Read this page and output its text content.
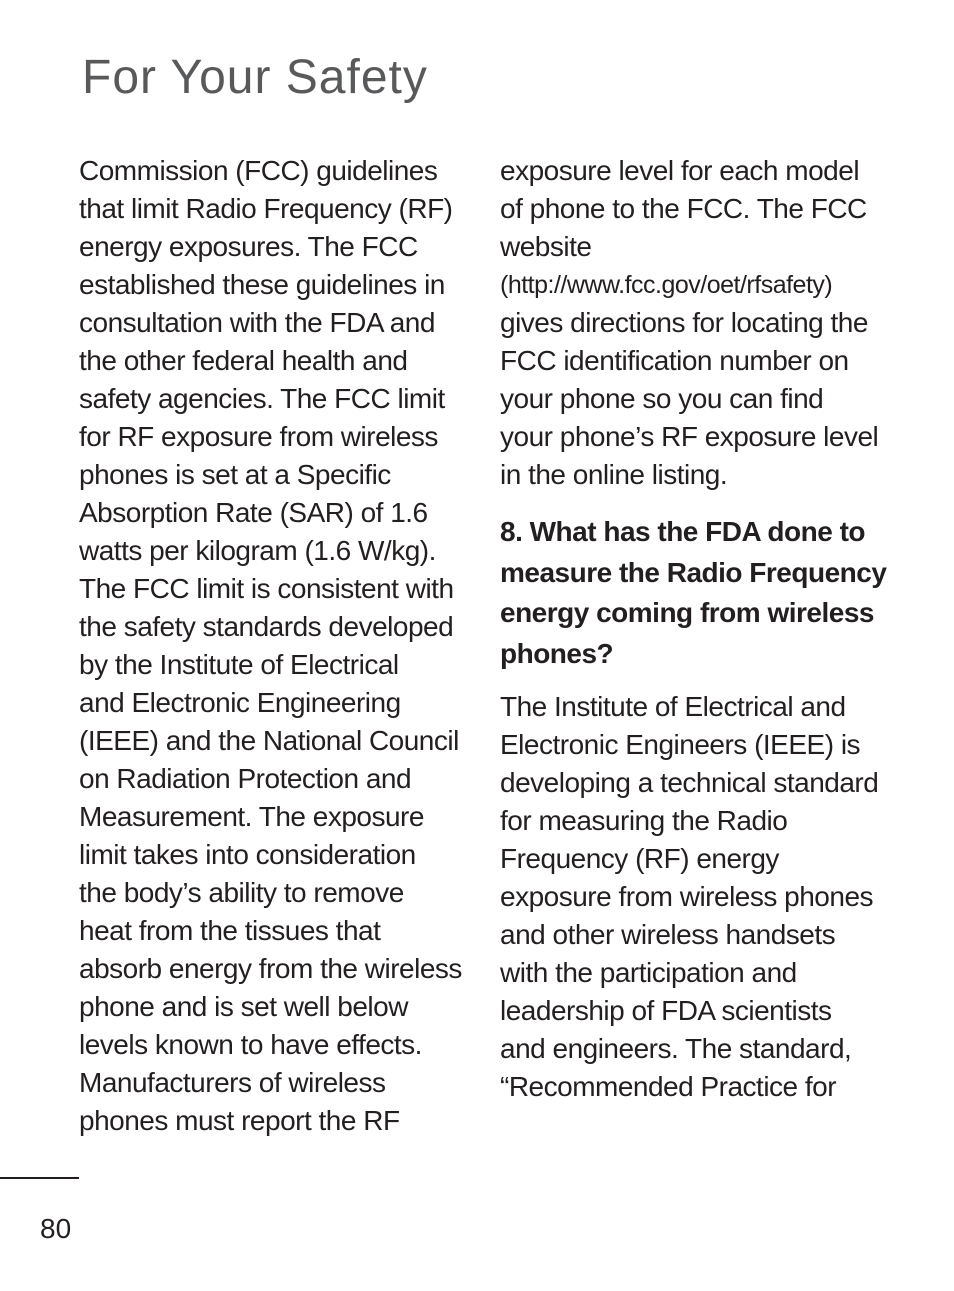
For Your Safety
Commission (FCC) guidelines
that limit Radio Frequency (RF)
energy exposures. The FCC
established these guidelines in
consultation with the FDA and
the other federal health and
safety agencies. The FCC limit
for RF exposure from wireless
phones is set at a Specific
Absorption Rate (SAR) of 1.6
watts per kilogram (1.6 W/kg).
The FCC limit is consistent with
the safety standards developed
by the Institute of Electrical
and Electronic Engineering
(IEEE) and the National Council
on Radiation Protection and
Measurement. The exposure
limit takes into consideration
the body’s ability to remove
heat from the tissues that
absorb energy from the wireless
phone and is set well below
levels known to have effects.
Manufacturers of wireless
phones must report the RF
exposure level for each model
of phone to the FCC. The FCC
website
(http://www.fcc.gov/oet/rfsafety)
gives directions for locating the
FCC identification number on
your phone so you can find
your phone’s RF exposure level
in the online listing.
8. What has the FDA done to
measure the Radio Frequency
energy coming from wireless
phones?
The Institute of Electrical and
Electronic Engineers (IEEE) is
developing a technical standard
for measuring the Radio
Frequency (RF) energy
exposure from wireless phones
and other wireless handsets
with the participation and
leadership of FDA scientists
and engineers. The standard,
“Recommended Practice for
80
